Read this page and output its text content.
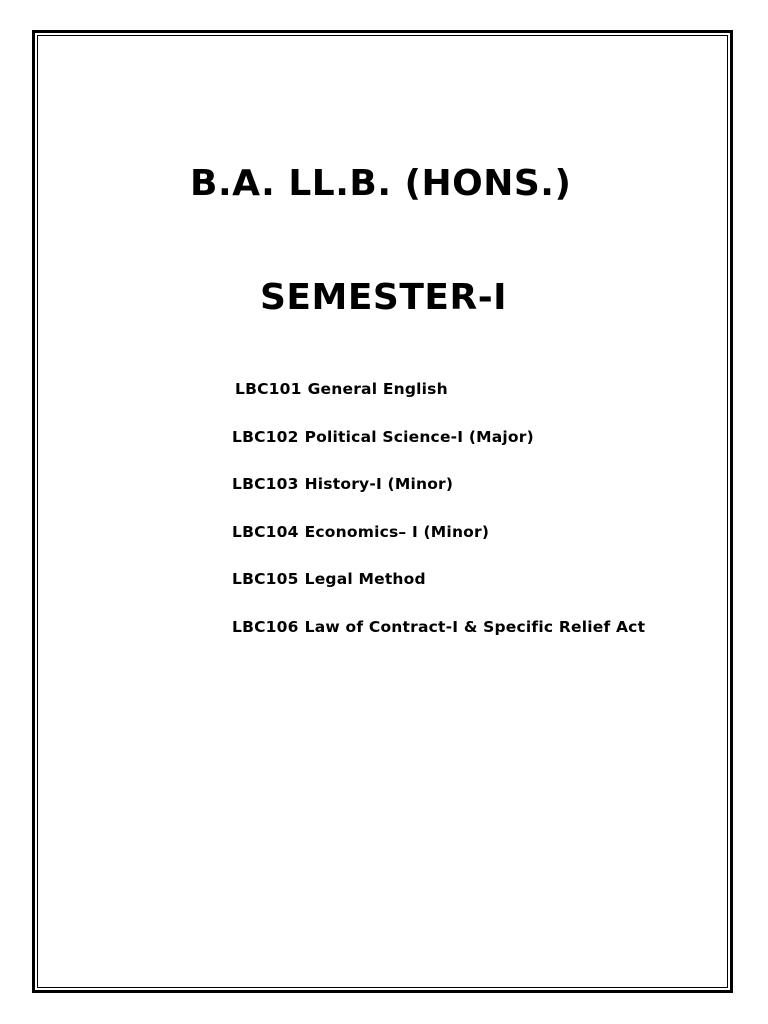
B.A. LL.B. (HONS.)
SEMESTER-I
LBC101 General English
LBC102 Political Science-I (Major)
LBC103 History-I (Minor)
LBC104 Economics– I (Minor)
LBC105 Legal Method
LBC106 Law of Contract-I & Specific Relief Act
